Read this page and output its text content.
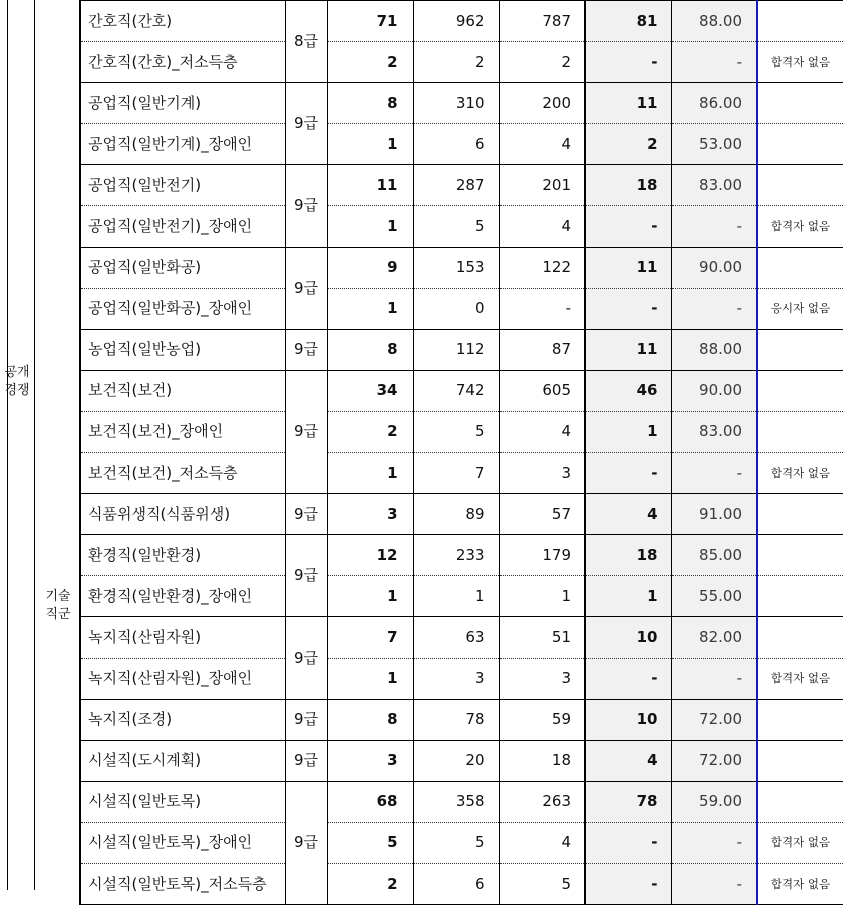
공개
경쟁
기술
직군
	간호직(간호)	8급	71	962	787	81	88.00	
	간호직(간호)_저소득층		2	2	2	-	-	합격자 없음
	공업직(일반기계)	9급	8	310	200	11	86.00	
	공업직(일반기계)_장애인		1	6	4	2	53.00	
	공업직(일반전기)	9급	11	287	201	18	83.00	
	공업직(일반전기)_장애인		1	5	4	-	-	합격자 없음
	공업직(일반화공)	9급	9	153	122	11	90.00	
	공업직(일반화공)_장애인		1	0	-	-	-	응시자 없음
	농업직(일반농업)	9급	8	112	87	11	88.00	
	보건직(보건)	9급	34	742	605	46	90.00	
	보건직(보건)_장애인		2	5	4	1	83.00	
	보건직(보건)_저소득층		1	7	3	-	-	합격자 없음
	식품위생직(식품위생)	9급	3	89	57	4	91.00	
	환경직(일반환경)	9급	12	233	179	18	85.00	
	환경직(일반환경)_장애인		1	1	1	1	55.00	
	녹지직(산림자원)	9급	7	63	51	10	82.00	
	녹지직(산림자원)_장애인		1	3	3	-	-	합격자 없음
	녹지직(조경)	9급	8	78	59	10	72.00	
	시설직(도시계획)	9급	3	20	18	4	72.00	
	시설직(일반토목)	9급	68	358	263	78	59.00	
	시설직(일반토목)_장애인		5	5	4	-	-	합격자 없음
	시설직(일반토목)_저소득층		2	6	5	-	-	합격자 없음
